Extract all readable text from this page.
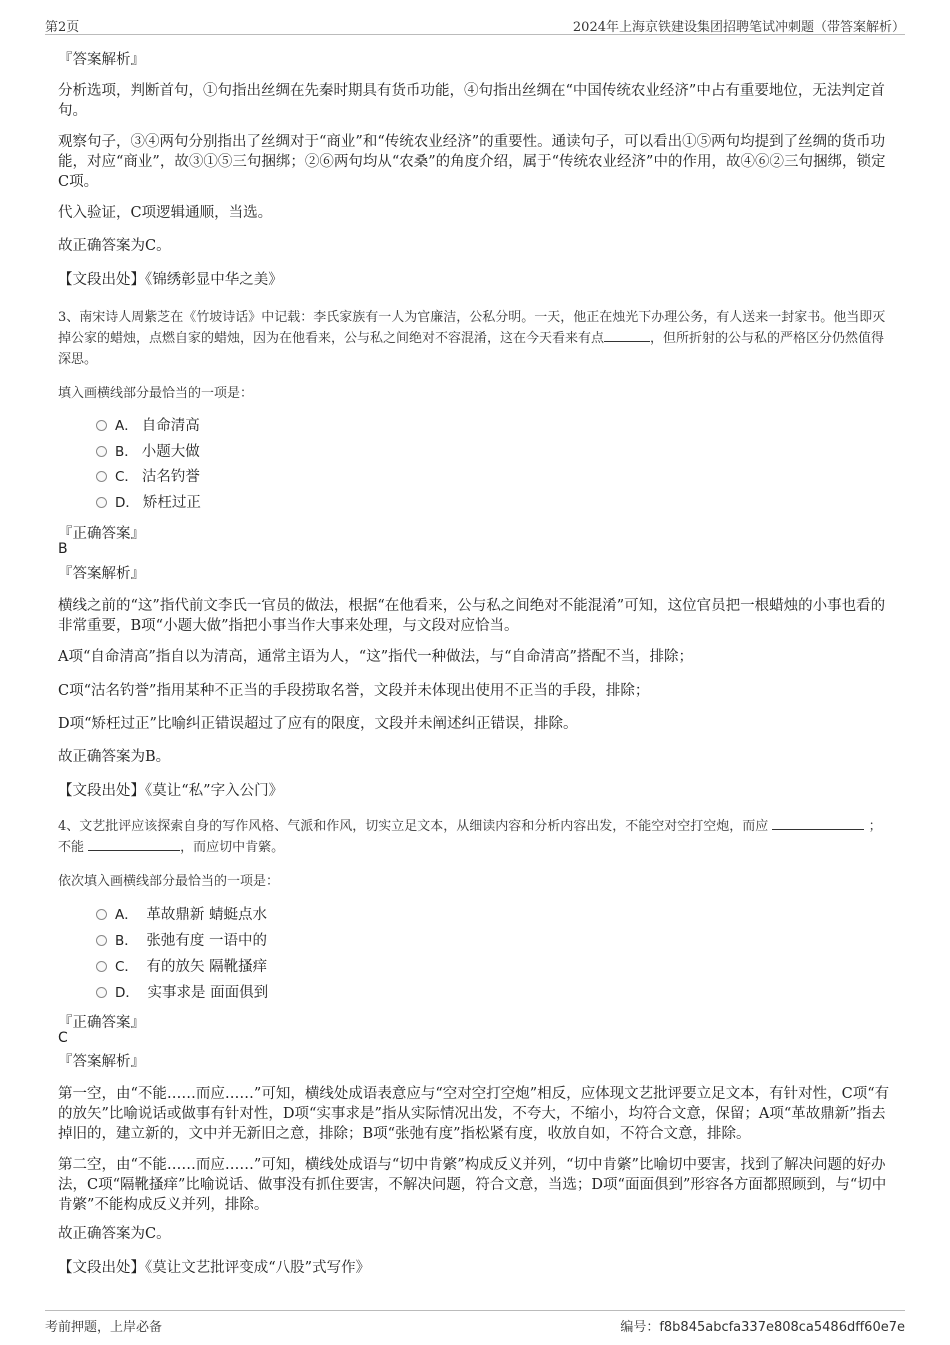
第2页	2024年上海京铁建设集团招聘笔试冲刺题（带答案解析）
『答案解析』
分析选项，判断首句，①句指出丝绸在先秦时期具有货币功能，④句指出丝绸在“中国传统农业经济”中占有重要地位，无法判定首句。
观察句子，③④两句分别指出了丝绸对于“商业”和“传统农业经济”的重要性。通读句子，可以看出①⑤两句均提到了丝绸的货币功能，对应“商业”，故③①⑤三句捆绑；②⑥两句均从“农桑”的角度介绍，属于“传统农业经济”中的作用，故④⑥②三句捆绑，锁定C项。
代入验证，C项逻辑通顺，当选。
故正确答案为C。
【文段出处】《锦绣彰显中华之美》
3、南宋诗人周紫芝在《竹坡诗话》中记载：李氏家族有一人为官廉洁，公私分明。一天，他正在烛光下办理公务，有人送来一封家书。他当即灭掉公家的蜡烛，点燃自家的蜡烛，因为在他看来，公与私之间绝对不容混淆，这在今天看来有点	，但所折射的公与私的严格区分仍然值得深思。
填入画横线部分最恰当的一项是：
A． 自命清高
B． 小题大做
C． 沽名钓誉
D． 矫枉过正
『正确答案』
B
『答案解析』
横线之前的“这”指代前文李氏一官员的做法，根据“在他看来，公与私之间绝对不能混淆”可知，这位官员把一根蜡烛的小事也看的非常重要，B项“小题大做”指把小事当作大事来处理，与文段对应恰当。
A项“自命清高”指自以为清高，通常主语为人，“这”指代一种做法，与“自命清高”搭配不当，排除；
C项“沽名钓誉”指用某种不正当的手段捞取名誉，文段并未体现出使用不正当的手段，排除；
D项“矫枉过正”比喻纠正错误超过了应有的限度，文段并未阐述纠正错误，排除。
故正确答案为B。
【文段出处】《莫让“私”字入公门》
4、文艺批评应该探索自身的写作风格、气派和作风，切实立足文本，从细读内容和分析内容出发，不能空对空打空炮，而应	；不能	，而应切中肯綮。
依次填入画横线部分最恰当的一项是：
A． 革故鼎新 蜻蜓点水
B． 张弛有度 一语中的
C． 有的放矢 隔靴搔痒
D． 实事求是 面面俱到
『正确答案』
C
『答案解析』
第一空，由“不能……而应……”可知，横线处成语表意应与“空对空打空炮”相反，应体现文艺批评要立足文本，有针对性，C项“有的放矢”比喻说话或做事有针对性，D项“实事求是”指从实际情况出发，不夸大，不缩小，均符合文意，保留；A项“革故鼎新”指去掉旧的，建立新的，文中并无新旧之意，排除；B项“张弛有度”指松紧有度，收放自如，不符合文意，排除。
第二空，由“不能……而应……”可知，横线处成语与“切中肯綮”构成反义并列，“切中肯綮”比喻切中要害，找到了解决问题的好办法，C项“隔靴搔痒”比喻说话、做事没有抓住要害，不解决问题，符合文意，当选；D项“面面俱到”形容各方面都照顾到，与“切中肯綮”不能构成反义并列，排除。
故正确答案为C。
【文段出处】《莫让文艺批评变成“八股”式写作》
考前押题，上岸必备	编号：f8b845abcfa337e808ca5486dff60e7e
